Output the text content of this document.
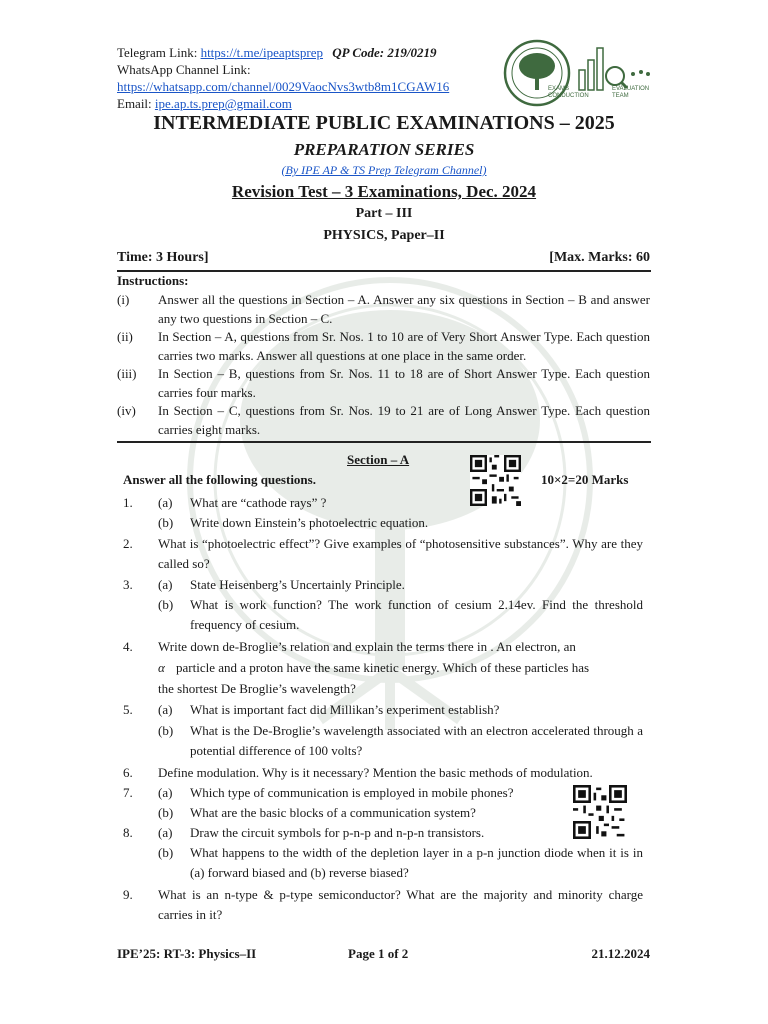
Telegram Link: https://t.me/ipeaptsprep QP Code: 219/0219
WhatsApp Channel Link:
https://whatsapp.com/channel/0029VaocNvs3wtb8m1CGAW16
Email: ipe.ap.ts.prep@gmail.com
EXAMS CONDUCTION
EVALUATION TEAM
INTERMEDIATE PUBLIC EXAMINATIONS – 2025
PREPARATION SERIES
(By IPE AP & TS Prep Telegram Channel)
Revision Test – 3 Examinations, Dec. 2024
Part – III
PHYSICS, Paper–II
Time: 3 Hours]	[Max. Marks: 60
Instructions:
(i) Answer all the questions in Section – A. Answer any six questions in Section – B and answer any two questions in Section – C.
(ii) In Section – A, questions from Sr. Nos. 1 to 10 are of Very Short Answer Type. Each question carries two marks. Answer all questions at one place in the same order.
(iii) In Section – B, questions from Sr. Nos. 11 to 18 are of Short Answer Type. Each question carries four marks.
(iv) In Section – C, questions from Sr. Nos. 19 to 21 are of Long Answer Type. Each question carries eight marks.
Section – A
Answer all the following questions.	10×2=20 Marks
1. (a) What are “cathode rays” ?
(b) Write down Einstein’s photoelectric equation.
2. What is “photoelectric effect”? Give examples of “photosensitive substances”. Why are they called so?
3. (a) State Heisenberg’s Uncertainly Principle.
(b) What is work function? The work function of cesium 2.14ev. Find the threshold frequency of cesium.
4. Write down de-Broglie’s relation and explain the terms there in . An electron, an
α particle and a proton have the same kinetic energy. Which of these particles has
the shortest De Broglie’s wavelength?
5. (a) What is important fact did Millikan’s experiment establish?
(b) What is the De-Broglie’s wavelength associated with an electron accelerated through a potential difference of 100 volts?
6. Define modulation. Why is it necessary? Mention the basic methods of modulation.
7. (a) Which type of communication is employed in mobile phones?
(b) What are the basic blocks of a communication system?
8. (a) Draw the circuit symbols for p-n-p and n-p-n transistors.
(b) What happens to the width of the depletion layer in a p-n junction diode when it is in (a) forward biased and (b) reverse biased?
9. What is an n-type & p-type semiconductor? What are the majority and minority charge carries in it?
IPE’25: RT-3: Physics–II	Page 1 of 2	21.12.2024
